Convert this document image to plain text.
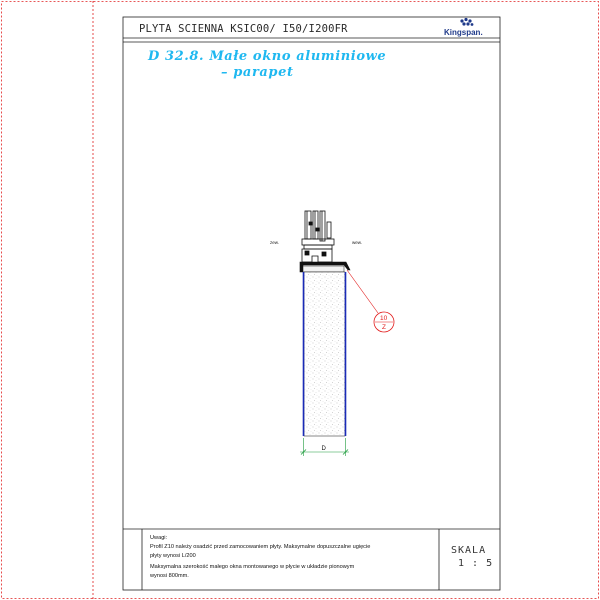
PLYTA SCIENNA KSIC00/ I50/I200FR	Kingspan.
D 32.8. Małe okno aluminiowe
– parapet
zew.	wew.
D
10
Z
Uwagi:
Profil Z10 należy osadzić przed zamocowaniem płyty. Maksymalne dopuszczalne ugięcie
płyty wynosi L/200
Maksymalna szerokość małego okna montowanego w płycie w układzie pionowym
wynosi 800mm.
SKALA
1 : 5
